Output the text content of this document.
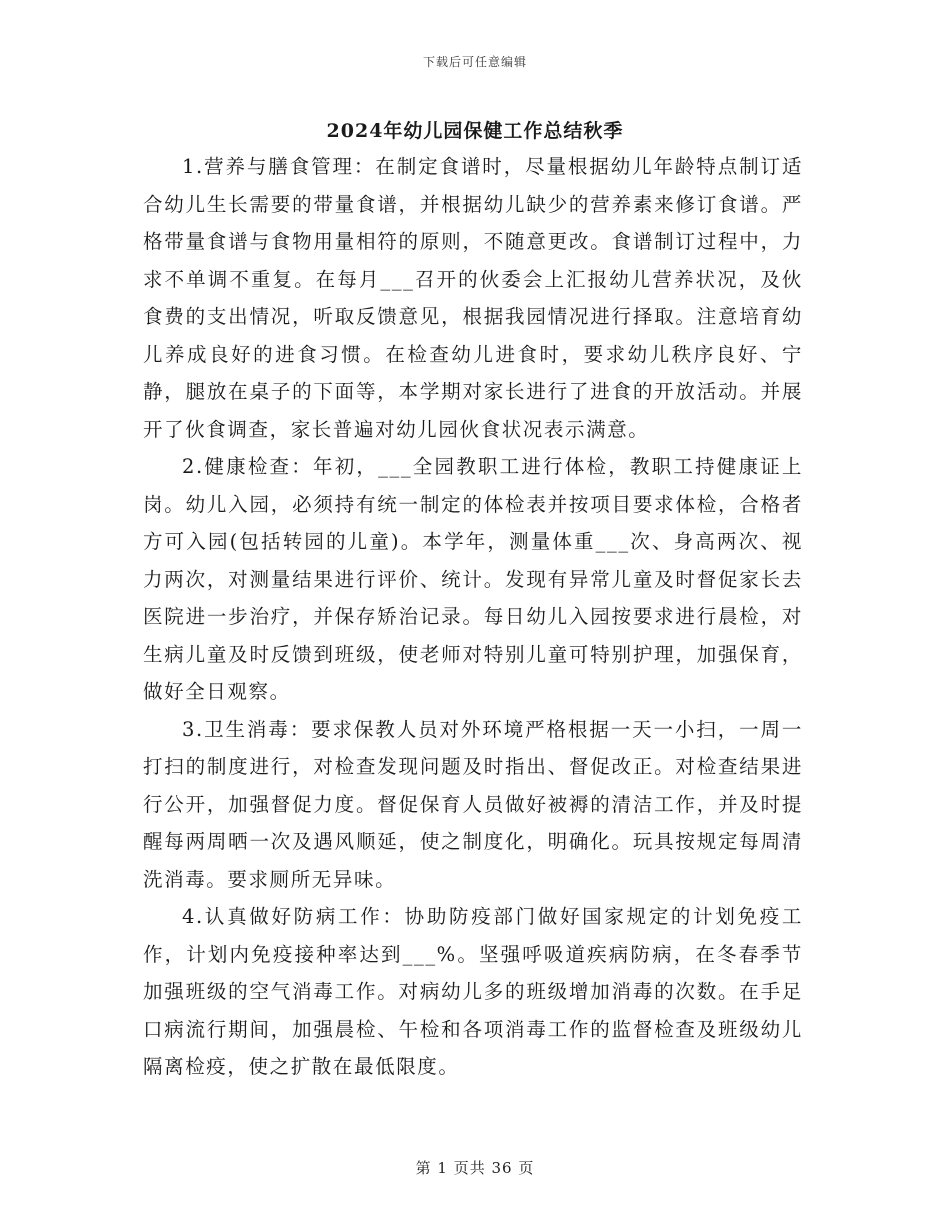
下载后可任意编辑
2024年幼儿园保健工作总结秋季

1.营养与膳食管理：在制定食谱时，尽量根据幼儿年龄特点制订适合幼儿生长需要的带量食谱，并根据幼儿缺少的营养素来修订食谱。严格带量食谱与食物用量相符的原则，不随意更改。食谱制订过程中，力求不单调不重复。在每月___召开的伙委会上汇报幼儿营养状况，及伙食费的支出情况，听取反馈意见，根据我园情况进行择取。注意培育幼儿养成良好的进食习惯。在检查幼儿进食时，要求幼儿秩序良好、宁静，腿放在桌子的下面等，本学期对家长进行了进食的开放活动。并展开了伙食调查，家长普遍对幼儿园伙食状况表示满意。

2.健康检查：年初，___全园教职工进行体检，教职工持健康证上岗。幼儿入园，必须持有统一制定的体检表并按项目要求体检，合格者方可入园(包括转园的儿童)。本学年，测量体重___次、身高两次、视力两次，对测量结果进行评价、统计。发现有异常儿童及时督促家长去医院进一步治疗，并保存矫治记录。每日幼儿入园按要求进行晨检，对生病儿童及时反馈到班级，使老师对特别儿童可特别护理，加强保育，做好全日观察。

3.卫生消毒：要求保教人员对外环境严格根据一天一小扫，一周一打扫的制度进行，对检查发现问题及时指出、督促改正。对检查结果进行公开，加强督促力度。督促保育人员做好被褥的清洁工作，并及时提醒每两周晒一次及遇风顺延，使之制度化，明确化。玩具按规定每周清洗消毒。要求厕所无异味。

4.认真做好防病工作：协助防疫部门做好国家规定的计划免疫工作，计划内免疫接种率达到___%。坚强呼吸道疾病防病，在冬春季节加强班级的空气消毒工作。对病幼儿多的班级增加消毒的次数。在手足口病流行期间，加强晨检、午检和各项消毒工作的监督检查及班级幼儿隔离检疫，使之扩散在最低限度。

第 1 页共 36 页
